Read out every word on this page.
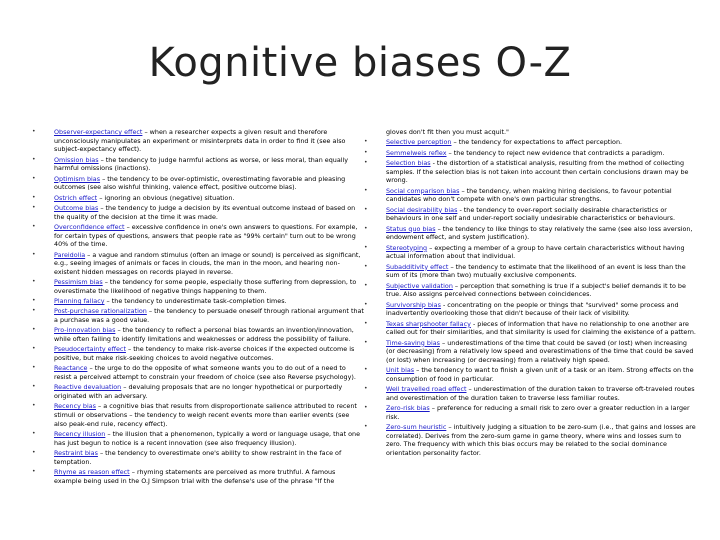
Kognitive biases O-Z
•	Observer-expectancy effect – when a researcher expects a given result and therefore unconsciously manipulates an experiment or misinterprets data in order to find it (see also subject-expectancy effect).
•	Omission bias – the tendency to judge harmful actions as worse, or less moral, than equally harmful omissions (inactions).
•	Optimism bias – the tendency to be over-optimistic, overestimating favorable and pleasing outcomes (see also wishful thinking, valence effect, positive outcome bias).
•	Ostrich effect – ignoring an obvious (negative) situation.
•	Outcome bias – the tendency to judge a decision by its eventual outcome instead of based on the quality of the decision at the time it was made.
•	Overconfidence effect – excessive confidence in one's own answers to questions. For example, for certain types of questions, answers that people rate as "99% certain" turn out to be wrong 40% of the time.
•	Pareidolia – a vague and random stimulus (often an image or sound) is perceived as significant, e.g., seeing images of animals or faces in clouds, the man in the moon, and hearing non-existent hidden messages on records played in reverse.
•	Pessimism bias – the tendency for some people, especially those suffering from depression, to overestimate the likelihood of negative things happening to them.
•	Planning fallacy – the tendency to underestimate task-completion times.
•	Post-purchase rationalization – the tendency to persuade oneself through rational argument that a purchase was a good value.
•	Pro-innovation bias – the tendency to reflect a personal bias towards an invention/innovation, while often failing to identify limitations and weaknesses or address the possibility of failure.
•	Pseudocertainty effect – the tendency to make risk-averse choices if the expected outcome is positive, but make risk-seeking choices to avoid negative outcomes.
•	Reactance – the urge to do the opposite of what someone wants you to do out of a need to resist a perceived attempt to constrain your freedom of choice (see also Reverse psychology).
•	Reactive devaluation – devaluing proposals that are no longer hypothetical or purportedly originated with an adversary.
•	Recency bias – a cognitive bias that results from disproportionate salience attributed to recent stimuli or observations – the tendency to weigh recent events more than earlier events (see also peak-end rule, recency effect).
•	Recency illusion – the illusion that a phenomenon, typically a word or language usage, that one has just begun to notice is a recent innovation (see also frequency illusion).
•	Restraint bias – the tendency to overestimate one's ability to show restraint in the face of temptation.
•	Rhyme as reason effect – rhyming statements are perceived as more truthful. A famous example being used in the O.J Simpson trial with the defense's use of the phrase "If the
gloves don't fit then you must acquit."
•	Selective perception – the tendency for expectations to affect perception.
•	Semmelweis reflex – the tendency to reject new evidence that contradicts a paradigm.
•	Selection bias - the distortion of a statistical analysis, resulting from the method of collecting samples. If the selection bias is not taken into account then certain conclusions drawn may be wrong.
•	Social comparison bias – the tendency, when making hiring decisions, to favour potential candidates who don't compete with one's own particular strengths.
•	Social desirability bias - the tendency to over-report socially desirable characteristics or behaviours in one self and under-report socially undesirable characteristics or behaviours.
•	Status quo bias – the tendency to like things to stay relatively the same (see also loss aversion, endowment effect, and system justification).
•	Stereotyping – expecting a member of a group to have certain characteristics without having actual information about that individual.
•	Subadditivity effect – the tendency to estimate that the likelihood of an event is less than the sum of its (more than two) mutually exclusive components.
•	Subjective validation – perception that something is true if a subject's belief demands it to be true. Also assigns perceived connections between coincidences.
•	Survivorship bias - concentrating on the people or things that "survived" some process and inadvertently overlooking those that didn't because of their lack of visibility.
•	Texas sharpshooter fallacy - pieces of information that have no relationship to one another are called out for their similarities, and that similarity is used for claiming the existence of a pattern.
•	Time-saving bias – underestimations of the time that could be saved (or lost) when increasing (or decreasing) from a relatively low speed and overestimations of the time that could be saved (or lost) when increasing (or decreasing) from a relatively high speed.
•	Unit bias – the tendency to want to finish a given unit of a task or an item. Strong effects on the consumption of food in particular.
•	Well travelled road effect – underestimation of the duration taken to traverse oft-traveled routes and overestimation of the duration taken to traverse less familiar routes.
•	Zero-risk bias – preference for reducing a small risk to zero over a greater reduction in a larger risk.
•	Zero-sum heuristic – intuitively judging a situation to be zero-sum (i.e., that gains and losses are correlated). Derives from the zero-sum game in game theory, where wins and losses sum to zero. The frequency with which this bias occurs may be related to the social dominance orientation personality factor.
